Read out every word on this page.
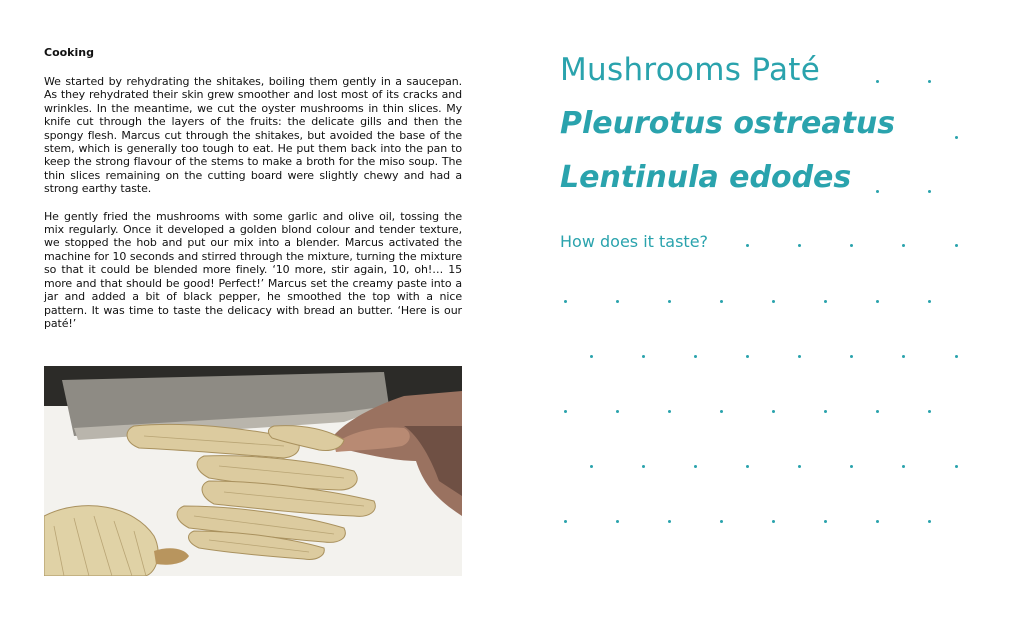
Cooking

We started by rehydrating the shitakes, boiling them gently in a saucepan. As they rehydrated their skin grew smoother and lost most of its cracks and wrinkles. In the meantime, we cut the oyster mushrooms in thin slices. My knife cut through the layers of the fruits: the delicate gills and then the spongy flesh. Marcus cut through the shitakes, but avoided the base of the stem, which is generally too tough to eat. He put them back into the pan to keep the strong flavour of the stems to make a broth for the miso soup. The thin slices remaining on the cutting board were slightly chewy and had a strong earthy taste.

He gently fried the mushrooms with some garlic and olive oil, tossing the mix regularly. Once it developed a golden blond colour and tender texture, we stopped the hob and put our mix into a blender. Marcus activated the machine for 10 seconds and stirred through the mixture, turning the mixture so that it could be blended more finely. ‘10 more, stir again, 10, oh!… 15 more and that should be good! Perfect!’ Marcus set the creamy paste into a jar and added a bit of black pepper, he smoothed the top with a nice pattern. It was time to taste the delicacy with bread an butter. ‘Here is our paté!’

Mushrooms Paté
Pleurotus ostreatus
Lentinula edodes
How does it taste?
